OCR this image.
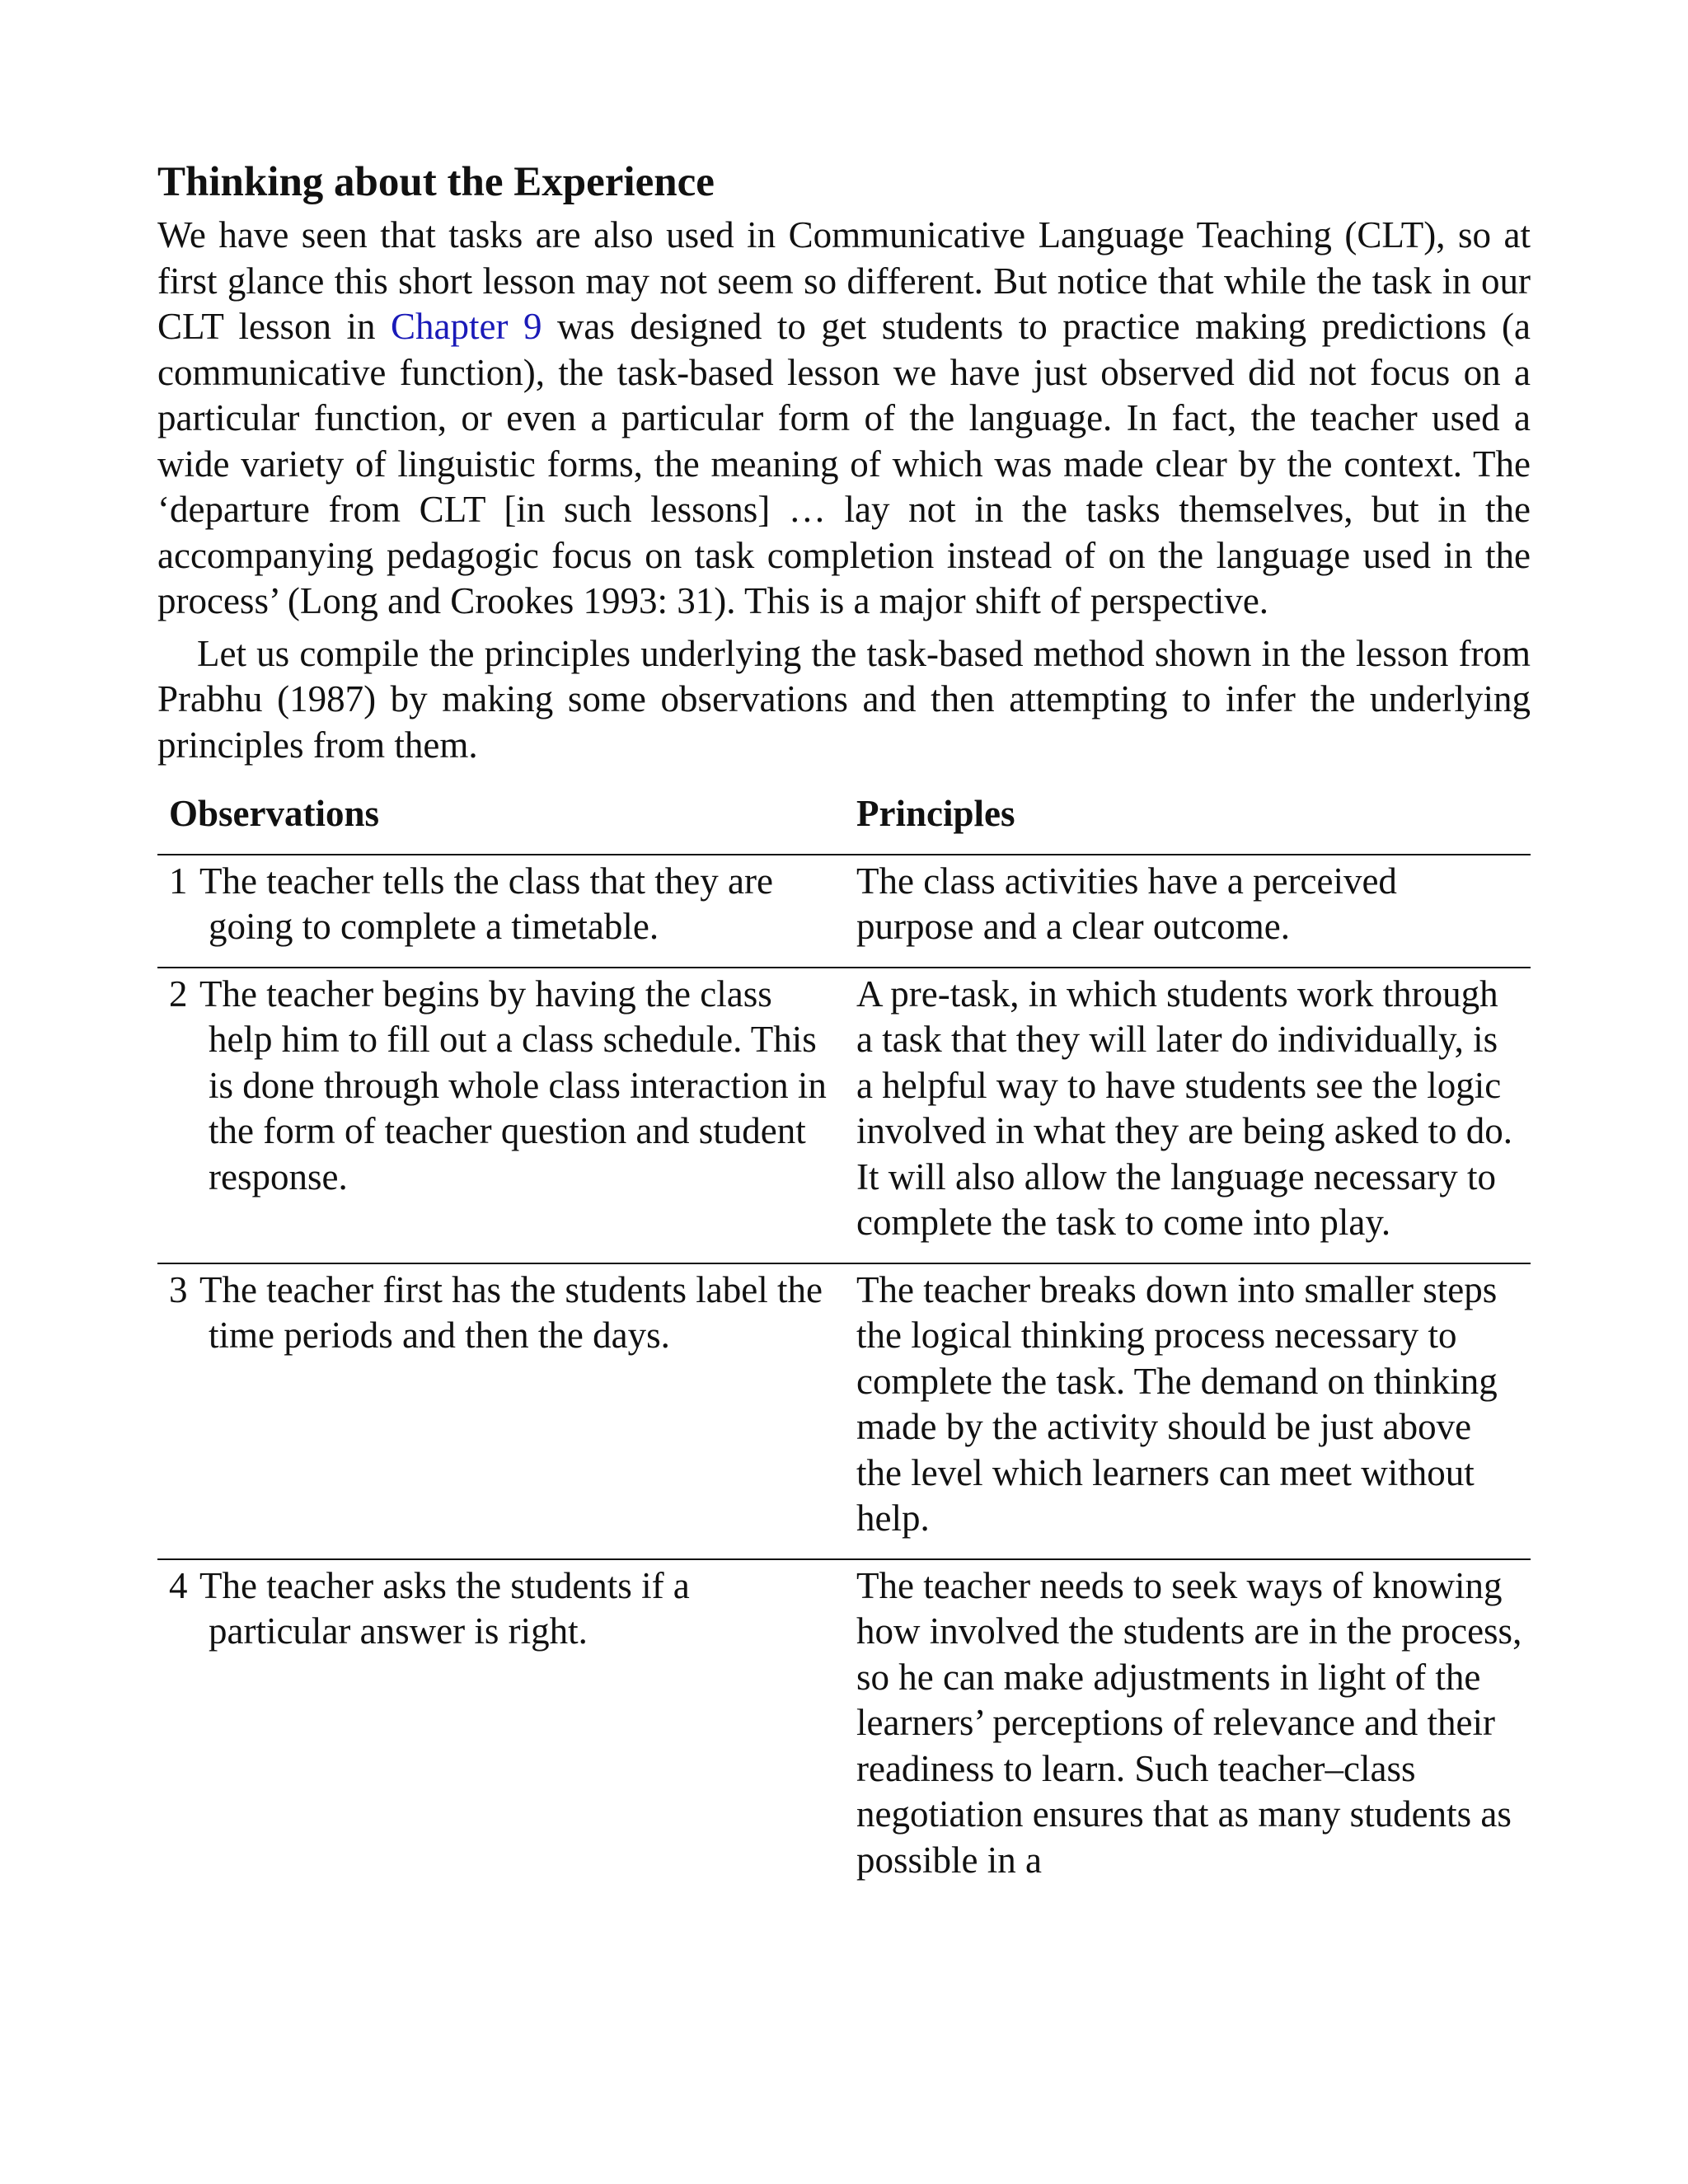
Thinking about the Experience

We have seen that tasks are also used in Communicative Language Teaching (CLT), so at first glance this short lesson may not seem so different. But notice that while the task in our CLT lesson in Chapter 9 was designed to get students to practice making predictions (a communicative function), the task-based lesson we have just observed did not focus on a particular function, or even a particular form of the language. In fact, the teacher used a wide variety of linguistic forms, the meaning of which was made clear by the context. The ‘departure from CLT [in such lessons] … lay not in the tasks themselves, but in the accompanying pedagogic focus on task completion instead of on the language used in the process’ (Long and Crookes 1993: 31). This is a major shift of perspective.

Let us compile the principles underlying the task-based method shown in the lesson from Prabhu (1987) by making some observations and then attempting to infer the underlying principles from them.

Observations	Principles

1 The teacher tells the class that they are going to complete a timetable.	The class activities have a perceived purpose and a clear outcome.

2 The teacher begins by having the class help him to fill out a class schedule. This is done through whole class interaction in the form of teacher question and student response.	A pre-task, in which students work through a task that they will later do individually, is a helpful way to have students see the logic involved in what they are being asked to do. It will also allow the language necessary to complete the task to come into play.

3 The teacher first has the students label the time periods and then the days.	The teacher breaks down into smaller steps the logical thinking process necessary to complete the task. The demand on thinking made by the activity should be just above the level which learners can meet without help.

4 The teacher asks the students if a particular answer is right.	The teacher needs to seek ways of knowing how involved the students are in the process, so he can make adjustments in light of the learners’ perceptions of relevance and their readiness to learn. Such teacher–class negotiation ensures that as many students as possible in a
